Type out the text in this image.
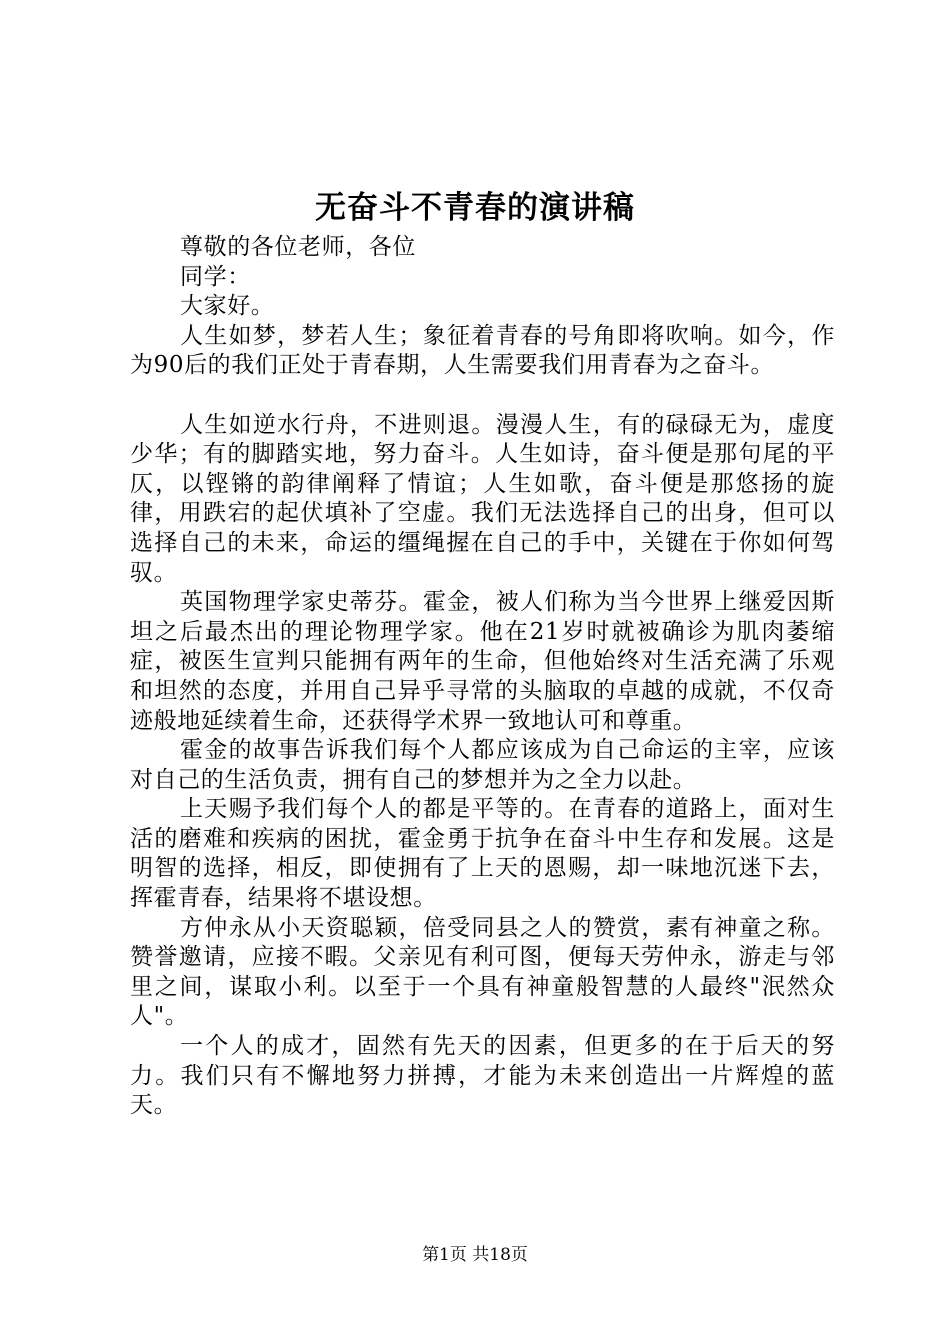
无奋斗不青春的演讲稿

尊敬的各位老师，各位

同学：

大家好。

人生如梦，梦若人生；象征着青春的号角即将吹响。如今，作为90后的我们正处于青春期，人生需要我们用青春为之奋斗。

人生如逆水行舟，不进则退。漫漫人生，有的碌碌无为，虚度少华；有的脚踏实地，努力奋斗。人生如诗，奋斗便是那句尾的平仄，以铿锵的韵律阐释了情谊；人生如歌，奋斗便是那悠扬的旋律，用跌宕的起伏填补了空虚。我们无法选择自己的出身，但可以选择自己的未来，命运的缰绳握在自己的手中，关键在于你如何驾驭。

英国物理学家史蒂芬。霍金，被人们称为当今世界上继爱因斯坦之后最杰出的理论物理学家。他在21岁时就被确诊为肌肉萎缩症，被医生宣判只能拥有两年的生命，但他始终对生活充满了乐观和坦然的态度，并用自己异乎寻常的头脑取的卓越的成就，不仅奇迹般地延续着生命，还获得学术界一致地认可和尊重。

霍金的故事告诉我们每个人都应该成为自己命运的主宰，应该对自己的生活负责，拥有自己的梦想并为之全力以赴。

上天赐予我们每个人的都是平等的。在青春的道路上，面对生活的磨难和疾病的困扰，霍金勇于抗争在奋斗中生存和发展。这是明智的选择，相反，即使拥有了上天的恩赐，却一味地沉迷下去，挥霍青春，结果将不堪设想。

方仲永从小天资聪颖，倍受同县之人的赞赏，素有神童之称。赞誉邀请，应接不暇。父亲见有利可图，便每天劳仲永，游走与邻里之间，谋取小利。以至于一个具有神童般智慧的人最终"泯然众人"。

一个人的成才，固然有先天的因素，但更多的在于后天的努力。我们只有不懈地努力拼搏，才能为未来创造出一片辉煌的蓝天。

第1页 共18页
